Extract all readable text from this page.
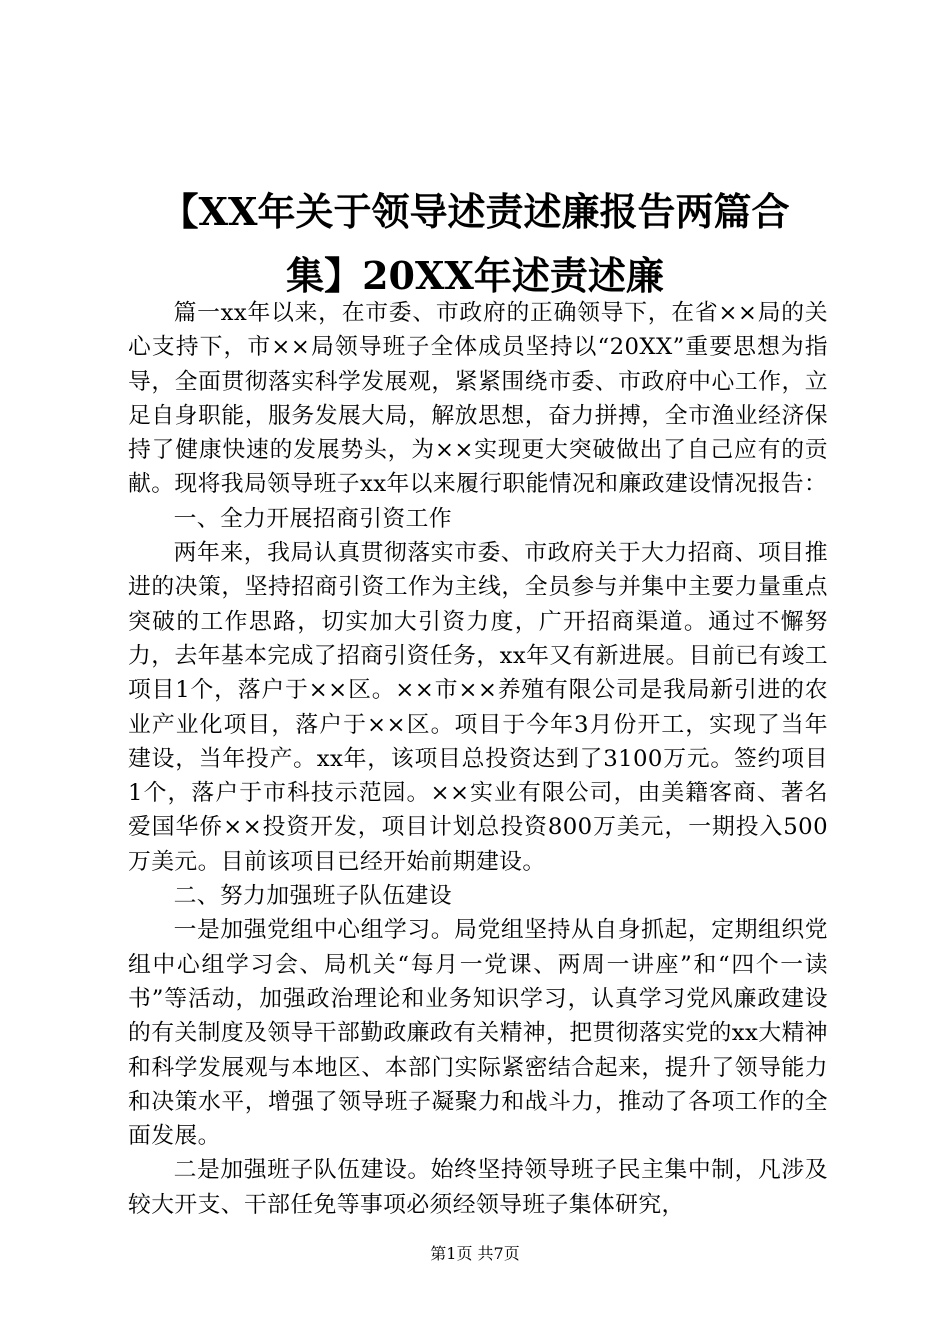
【XX年关于领导述责述廉报告两篇合
集】20XX年述责述廉

篇一xx年以来，在市委、市政府的正确领导下，在省××局的关心支持下，市××局领导班子全体成员坚持以“20XX”重要思想为指导，全面贯彻落实科学发展观，紧紧围绕市委、市政府中心工作，立足自身职能，服务发展大局，解放思想，奋力拼搏，全市渔业经济保持了健康快速的发展势头，为××实现更大突破做出了自己应有的贡献。现将我局领导班子xx年以来履行职能情况和廉政建设情况报告：

一、全力开展招商引资工作

两年来，我局认真贯彻落实市委、市政府关于大力招商、项目推进的决策，坚持招商引资工作为主线，全员参与并集中主要力量重点突破的工作思路，切实加大引资力度，广开招商渠道。通过不懈努力，去年基本完成了招商引资任务，xx年又有新进展。目前已有竣工项目1个，落户于××区。××市××养殖有限公司是我局新引进的农业产业化项目，落户于××区。项目于今年3月份开工，实现了当年建设，当年投产。xx年，该项目总投资达到了3100万元。签约项目1个，落户于市科技示范园。××实业有限公司，由美籍客商、著名爱国华侨××投资开发，项目计划总投资800万美元，一期投入500万美元。目前该项目已经开始前期建设。

二、努力加强班子队伍建设

一是加强党组中心组学习。局党组坚持从自身抓起，定期组织党组中心组学习会、局机关“每月一党课、两周一讲座”和“四个一读书”等活动，加强政治理论和业务知识学习，认真学习党风廉政建设的有关制度及领导干部勤政廉政有关精神，把贯彻落实党的xx大精神和科学发展观与本地区、本部门实际紧密结合起来，提升了领导能力和决策水平，增强了领导班子凝聚力和战斗力，推动了各项工作的全面发展。

二是加强班子队伍建设。始终坚持领导班子民主集中制，凡涉及较大开支、干部任免等事项必须经领导班子集体研究，

第1页 共7页
